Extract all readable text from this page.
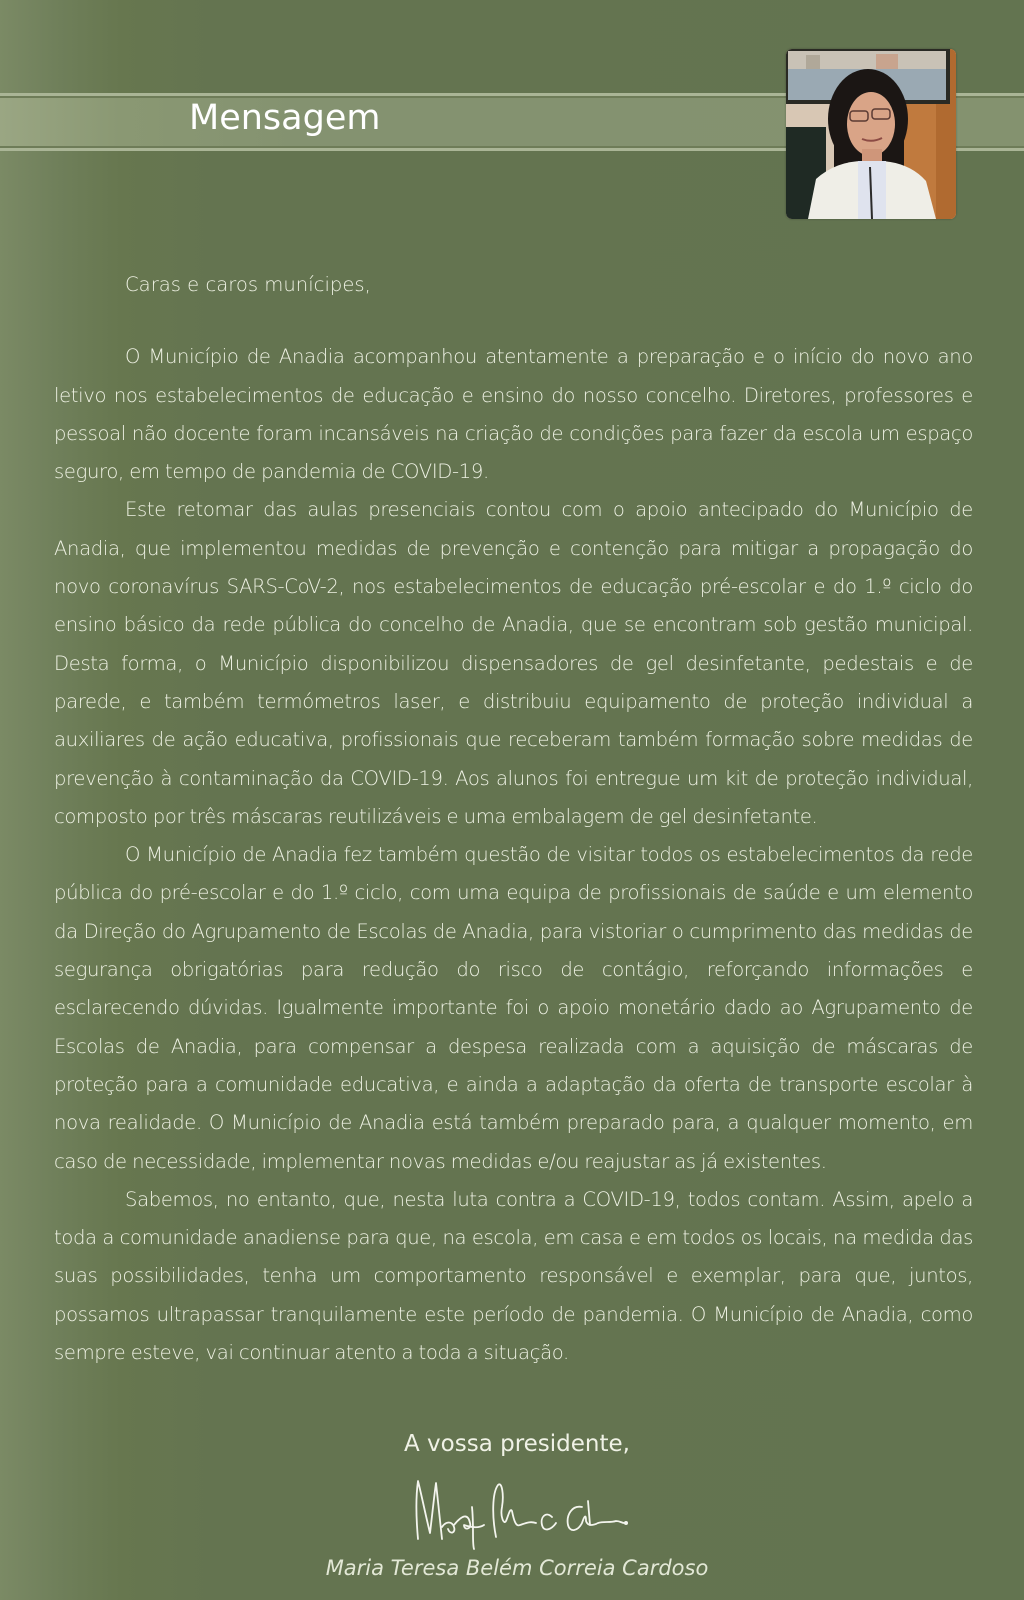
Mensagem

Caras e caros munícipes,

O Município de Anadia acompanhou atentamente a preparação e o início do novo ano letivo nos estabelecimentos de educação e ensino do nosso concelho. Diretores, professores e pessoal não docente foram incansáveis na criação de condições para fazer da escola um espaço seguro, em tempo de pandemia de COVID-19.

Este retomar das aulas presenciais contou com o apoio antecipado do Município de Anadia, que implementou medidas de prevenção e contenção para mitigar a propagação do novo coronavírus SARS-CoV-2, nos estabelecimentos de educação pré-escolar e do 1.º ciclo do ensino básico da rede pública do concelho de Anadia, que se encontram sob gestão municipal. Desta forma, o Município disponibilizou dispensadores de gel desinfetante, pedestais e de parede, e também termómetros laser, e distribuiu equipamento de proteção individual a auxiliares de ação educativa, profissionais que receberam também formação sobre medidas de prevenção à contaminação da COVID-19. Aos alunos foi entregue um kit de proteção individual, composto por três máscaras reutilizáveis e uma embalagem de gel desinfetante.

O Município de Anadia fez também questão de visitar todos os estabelecimentos da rede pública do pré-escolar e do 1.º ciclo, com uma equipa de profissionais de saúde e um elemento da Direção do Agrupamento de Escolas de Anadia, para vistoriar o cumprimento das medidas de segurança obrigatórias para redução do risco de contágio, reforçando informações e esclarecendo dúvidas. Igualmente importante foi o apoio monetário dado ao Agrupamento de Escolas de Anadia, para compensar a despesa realizada com a aquisição de máscaras de proteção para a comunidade educativa, e ainda a adaptação da oferta de transporte escolar à nova realidade. O Município de Anadia está também preparado para, a qualquer momento, em caso de necessidade, implementar novas medidas e/ou reajustar as já existentes.

Sabemos, no entanto, que, nesta luta contra a COVID-19, todos contam. Assim, apelo a toda a comunidade anadiense para que, na escola, em casa e em todos os locais, na medida das suas possibilidades, tenha um comportamento responsável e exemplar, para que, juntos, possamos ultrapassar tranquilamente este período de pandemia. O Município de Anadia, como sempre esteve, vai continuar atento a toda a situação.

A vossa presidente,
Maria Teresa Belém Correia Cardoso
